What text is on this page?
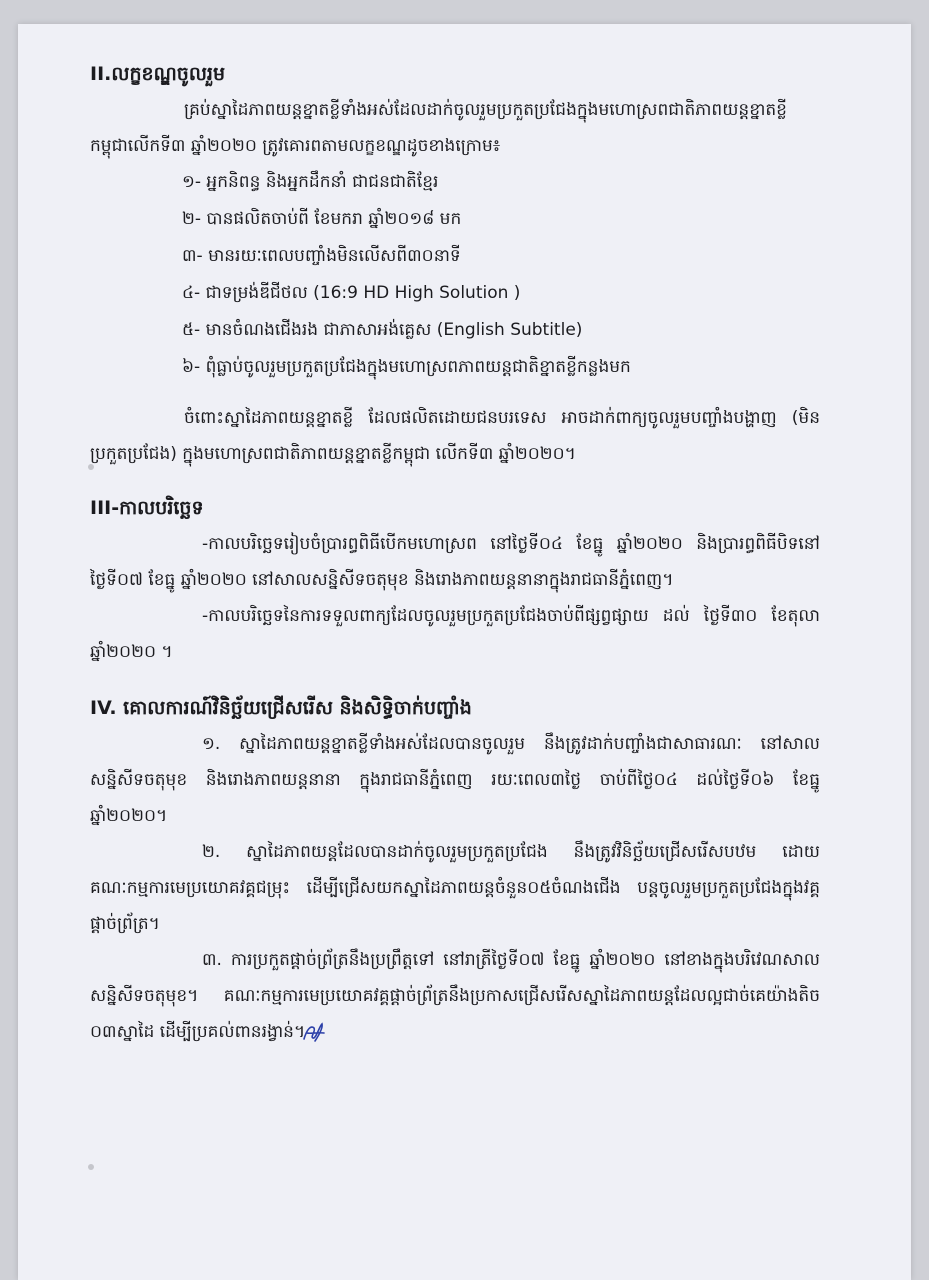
II.លក្ខខណ្ឌចូលរួម

គ្រប់ស្នាដៃភាពយន្តខ្នាតខ្លីទាំងអស់ដែលដាក់ចូលរួមប្រកួតប្រជែងក្នុងមហោស្រពជាតិភាពយន្តខ្នាតខ្លីកម្ពុជាលើកទី៣ ឆ្នាំ២០២០ ត្រូវគោរពតាមលក្ខខណ្ឌដូចខាងក្រោម៖

១- អ្នកនិពន្ធ និងអ្នកដឹកនាំ ជាជនជាតិខ្មែរ
២- បានផលិតចាប់ពី ខែមករា ឆ្នាំ២០១៨ មក
៣- មានរយៈពេលបញ្ចាំងមិនលើសពី៣០នាទី
៤- ជាទម្រង់ឌីជីថល (16:9 HD High Solution )
៥- មានចំណងជើងរង ជាភាសាអង់គ្លេស (English Subtitle)
៦- ពុំធ្លាប់ចូលរួមប្រកួតប្រជែងក្នុងមហោស្រពភាពយន្តជាតិខ្នាតខ្លីកន្លងមក

ចំពោះស្នាដៃភាពយន្តខ្នាតខ្លី ដែលផលិតដោយជនបរទេស អាចដាក់ពាក្យចូលរួមបញ្ចាំងបង្ហាញ (មិនប្រកួតប្រជែង) ក្នុងមហោស្រពជាតិភាពយន្តខ្នាតខ្លីកម្ពុជា លើកទី៣ ឆ្នាំ២០២០។

III-កាលបរិច្ឆេទ

-កាលបរិច្ឆេទរៀបចំប្រារព្ធពិធីបើកមហោស្រព នៅថ្ងៃទី០៤ ខែធ្នូ ឆ្នាំ២០២០ និងប្រារព្ធពិធីបិទនៅថ្ងៃទី០៧ ខែធ្នូ ឆ្នាំ២០២០ នៅសាលសន្និសីទចតុមុខ និងរោងភាពយន្តនានាក្នុងរាជធានីភ្នំពេញ។

-កាលបរិច្ឆេទនៃការទទួលពាក្យដែលចូលរួមប្រកួតប្រជែងចាប់ពីផ្សព្វផ្សាយ ដល់ ថ្ងៃទី៣០ ខែតុលា ឆ្នាំ២០២០ ។

IV. គោលការណ៍វិនិច្ឆ័យជ្រើសរើស និងសិទ្ធិចាក់បញ្ចាំង

១. ស្នាដៃភាពយន្តខ្នាតខ្លីទាំងអស់ដែលបានចូលរួម នឹងត្រូវដាក់បញ្ចាំងជាសាធារណៈ នៅសាលសន្និសីទចតុមុខ និងរោងភាពយន្តនានា ក្នុងរាជធានីភ្នំពេញ រយៈពេល៣ថ្ងៃ ចាប់ពីថ្ងៃ០៤ ដល់ថ្ងៃទី០៦ ខែធ្នូ ឆ្នាំ២០២០។

២. ស្នាដៃភាពយន្តដែលបានដាក់ចូលរួមប្រកួតប្រជែង នឹងត្រូវវិនិច្ឆ័យជ្រើសរើសបឋម ដោយគណៈកម្មការមេប្រយោគវគ្គជម្រុះ ដើម្បីជ្រើសយកស្នាដៃភាពយន្តចំនួន០៥ចំណងជើង បន្តចូលរួមប្រកួតប្រជែងក្នុងវគ្គផ្តាច់ព្រ័ត្រ។

៣. ការប្រកួតផ្តាច់ព្រ័ត្រនឹងប្រព្រឹត្តទៅ នៅរាត្រីថ្ងៃទី០៧ ខែធ្នូ ឆ្នាំ២០២០ នៅខាងក្នុងបរិវេណសាលសន្និសីទចតុមុខ។ គណៈកម្មការមេប្រយោគវគ្គផ្តាច់ព្រ័ត្រនឹងប្រកាសជ្រើសរើសស្នាដៃភាពយន្តដែលល្អជាច់គេយ៉ាងតិច ០៣ស្នាដៃ ដើម្បីប្រគល់ពានរង្វាន់។
